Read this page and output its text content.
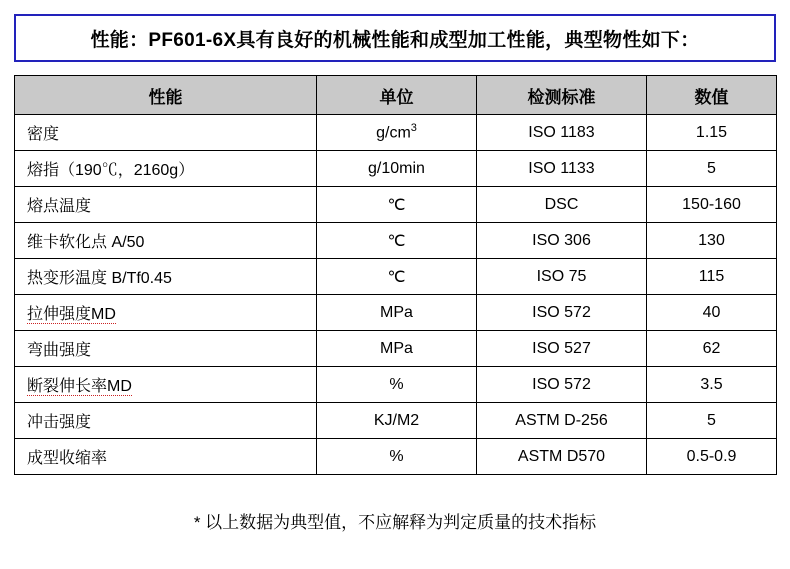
性能：PF601-6X具有良好的机械性能和成型加工性能，典型物性如下：
性能	单位	检测标准	数值
密度	$g/cm^3$	ISO 1183	1.15
熔指（190℃，2160g）	g/10min	ISO 1133	5
熔点温度	℃	DSC	150-160
维卡软化点 A/50	℃	ISO 306	130
热变形温度 B/Tf0.45	℃	ISO 75	115
拉伸强度MD	MPa	ISO 572	40
弯曲强度	MPa	ISO 527	62
断裂伸长率MD	%	ISO 572	3.5
冲击强度	KJ/M2	ASTM D-256	5
成型收缩率	%	ASTM D570	0.5-0.9
* 以上数据为典型值，不应解释为判定质量的技术指标
